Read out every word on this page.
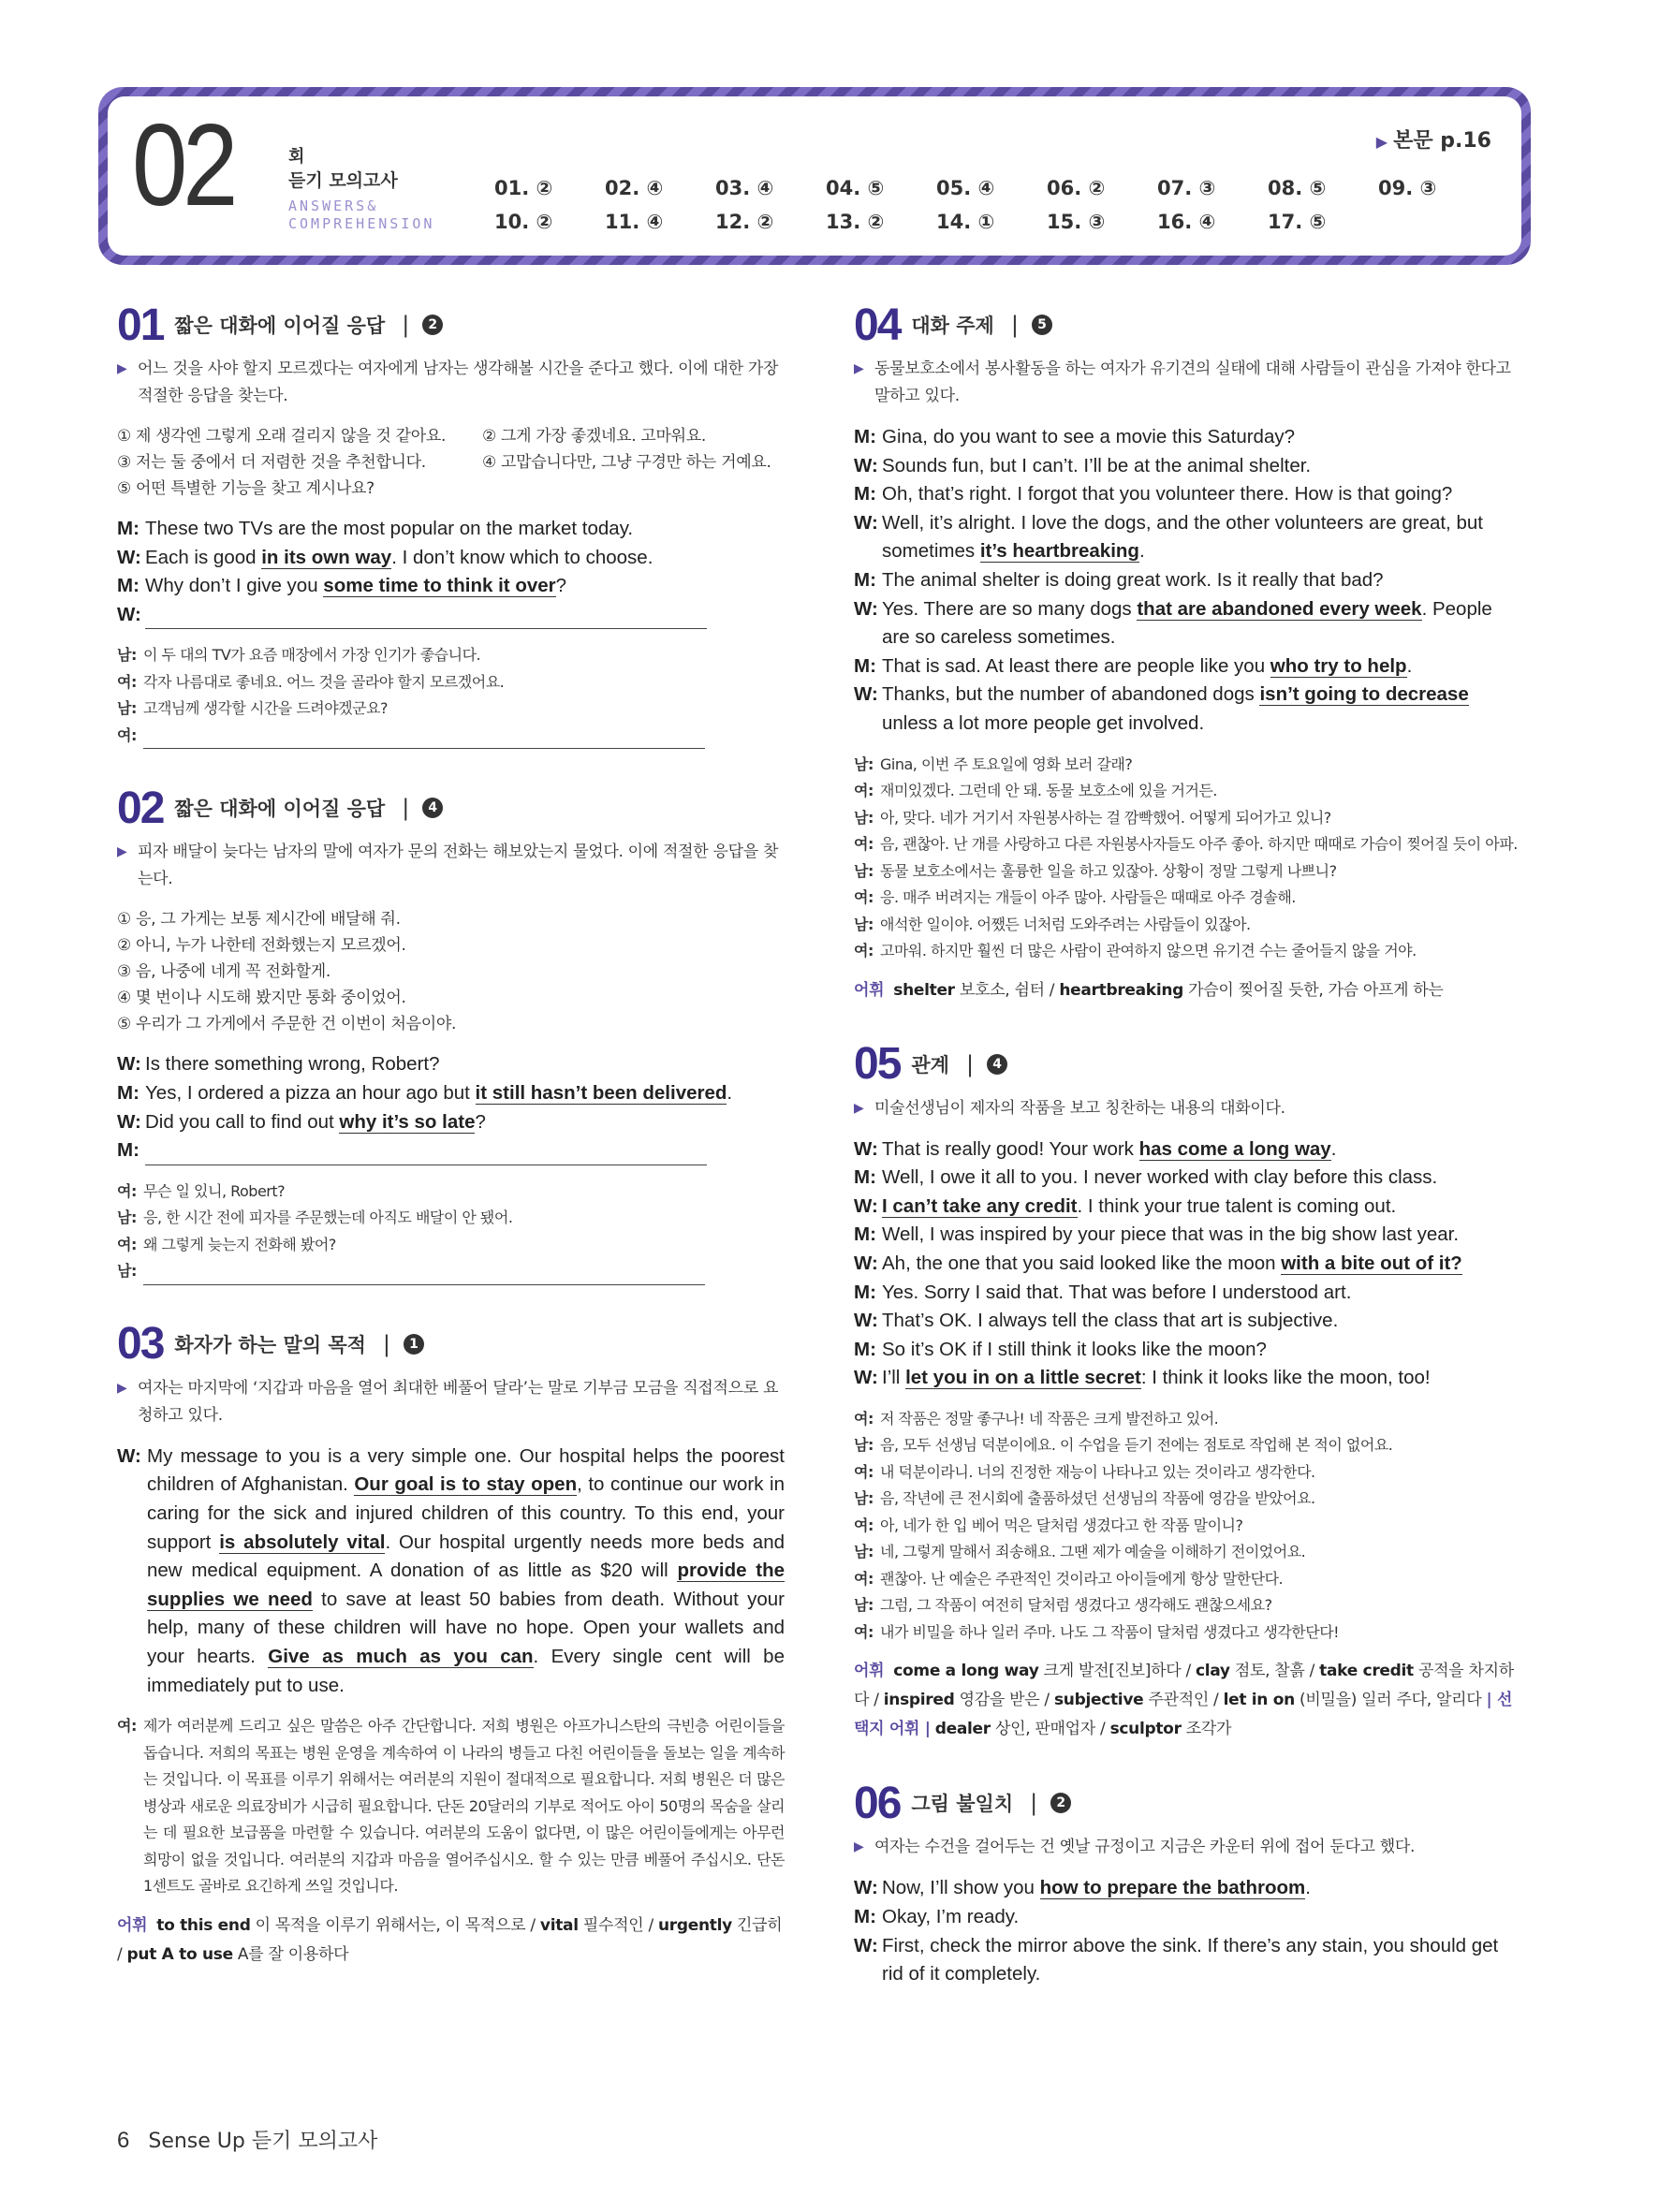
02	회
듣기 모의고사
ANSWERS& COMPREHENSION
▶ 본문 p.16
01. ②	02. ④	03. ④	04. ⑤	05. ④	06. ②	07. ③	08. ⑤	09. ③
10. ②	11. ④	12. ②	13. ②	14. ①	15. ③	16. ④	17. ⑤
01 짧은 대화에 이어질 응답 |	2
▶ 어느 것을 사야 할지 모르겠다는 여자에게 남자는 생각해볼 시간을 준다고 했다. 이에 대한 가장 적절한 응답을 찾는다.
① 제 생각엔 그렇게 오래 걸리지 않을 것 같아요.	② 그게 가장 좋겠네요. 고마워요.
③ 저는 둘 중에서 더 저렴한 것을 추천합니다.	④ 고맙습니다만, 그냥 구경만 하는 거예요.
⑤ 어떤 특별한 기능을 찾고 계시나요?
M: These two TVs are the most popular on the market today.
W: Each is good in its own way. I don’t know which to choose.
M: Why don’t I give you some time to think it over?
W:
남: 이 두 대의 TV가 요즘 매장에서 가장 인기가 좋습니다.
여: 각자 나름대로 좋네요. 어느 것을 골라야 할지 모르겠어요.
남: 고객님께 생각할 시간을 드려야겠군요?
여:
02 짧은 대화에 이어질 응답 |	4
▶ 피자 배달이 늦다는 남자의 말에 여자가 문의 전화는 해보았는지 물었다. 이에 적절한 응답을 찾는다.
① 응, 그 가게는 보통 제시간에 배달해 줘.
② 아니, 누가 나한테 전화했는지 모르겠어.
③ 음, 나중에 네게 꼭 전화할게.
④ 몇 번이나 시도해 봤지만 통화 중이었어.
⑤ 우리가 그 가게에서 주문한 건 이번이 처음이야.
W: Is there something wrong, Robert?
M: Yes, I ordered a pizza an hour ago but it still hasn’t been delivered.
W: Did you call to find out why it’s so late?
M:
여: 무슨 일 있니, Robert?
남: 응, 한 시간 전에 피자를 주문했는데 아직도 배달이 안 됐어.
여: 왜 그렇게 늦는지 전화해 봤어?
남:
03 화자가 하는 말의 목적 |	1
▶ 여자는 마지막에 ‘지갑과 마음을 열어 최대한 베풀어 달라’는 말로 기부금 모금을 직접적으로 요청하고 있다.
W: My message to you is a very simple one. Our hospital helps the poorest children of Afghanistan. Our goal is to stay open, to continue our work in caring for the sick and injured children of this country. To this end, your support is absolutely vital. Our hospital urgently needs more beds and new medical equipment. A donation of as little as $20 will provide the supplies we need to save at least 50 babies from death. Without your help, many of these children will have no hope. Open your wallets and your hearts. Give as much as you can. Every single cent will be immediately put to use.
여: 제가 여러분께 드리고 싶은 말씀은 아주 간단합니다. 저희 병원은 아프가니스탄의 극빈층 어린이들을 돕습니다. 저희의 목표는 병원 운영을 계속하여 이 나라의 병들고 다친 어린이들을 돌보는 일을 계속하는 것입니다. 이 목표를 이루기 위해서는 여러분의 지원이 절대적으로 필요합니다. 저희 병원은 더 많은 병상과 새로운 의료장비가 시급히 필요합니다. 단돈 20달러의 기부로 적어도 아이 50명의 목숨을 살리는 데 필요한 보급품을 마련할 수 있습니다. 여러분의 도움이 없다면, 이 많은 어린이들에게는 아무런 희망이 없을 것입니다. 여러분의 지갑과 마음을 열어주십시오. 할 수 있는 만큼 베풀어 주십시오. 단돈 1센트도 골바로 요긴하게 쓰일 것입니다.
어휘 to this end 이 목적을 이루기 위해서는, 이 목적으로 / vital 필수적인 / urgently 긴급히 / put A to use A를 잘 이용하다
04 대화 주제 |	5
▶ 동물보호소에서 봉사활동을 하는 여자가 유기견의 실태에 대해 사람들이 관심을 가져야 한다고 말하고 있다.
M: Gina, do you want to see a movie this Saturday?
W: Sounds fun, but I can’t. I’ll be at the animal shelter.
M: Oh, that’s right. I forgot that you volunteer there. How is that going?
W: Well, it’s alright. I love the dogs, and the other volunteers are great, but sometimes it’s heartbreaking.
M: The animal shelter is doing great work. Is it really that bad?
W: Yes. There are so many dogs that are abandoned every week. People are so careless sometimes.
M: That is sad. At least there are people like you who try to help.
W: Thanks, but the number of abandoned dogs isn’t going to decrease unless a lot more people get involved.
남: Gina, 이번 주 토요일에 영화 보러 갈래?
여: 재미있겠다. 그런데 안 돼. 동물 보호소에 있을 거거든.
남: 아, 맞다. 네가 거기서 자원봉사하는 걸 깜빡했어. 어떻게 되어가고 있니?
여: 음, 괜찮아. 난 개를 사랑하고 다른 자원봉사자들도 아주 좋아. 하지만 때때로 가슴이 찢어질 듯이 아파.
남: 동물 보호소에서는 훌륭한 일을 하고 있잖아. 상황이 정말 그렇게 나쁘니?
여: 응. 매주 버려지는 개들이 아주 많아. 사람들은 때때로 아주 경솔해.
남: 애석한 일이야. 어쨌든 너처럼 도와주려는 사람들이 있잖아.
여: 고마워. 하지만 훨씬 더 많은 사람이 관여하지 않으면 유기견 수는 줄어들지 않을 거야.
어휘 shelter 보호소, 쉼터 / heartbreaking 가슴이 찢어질 듯한, 가슴 아프게 하는
05 관계 |	4
▶ 미술선생님이 제자의 작품을 보고 칭찬하는 내용의 대화이다.
W: That is really good! Your work has come a long way.
M: Well, I owe it all to you. I never worked with clay before this class.
W: I can’t take any credit. I think your true talent is coming out.
M: Well, I was inspired by your piece that was in the big show last year.
W: Ah, the one that you said looked like the moon with a bite out of it?
M: Yes. Sorry I said that. That was before I understood art.
W: That’s OK. I always tell the class that art is subjective.
M: So it’s OK if I still think it looks like the moon?
W: I’ll let you in on a little secret: I think it looks like the moon, too!
여: 저 작품은 정말 좋구나! 네 작품은 크게 발전하고 있어.
남: 음, 모두 선생님 덕분이에요. 이 수업을 듣기 전에는 점토로 작업해 본 적이 없어요.
여: 내 덕분이라니. 너의 진정한 재능이 나타나고 있는 것이라고 생각한다.
남: 음, 작년에 큰 전시회에 출품하셨던 선생님의 작품에 영감을 받았어요.
여: 아, 네가 한 입 베어 먹은 달처럼 생겼다고 한 작품 말이니?
남: 네, 그렇게 말해서 죄송해요. 그땐 제가 예술을 이해하기 전이었어요.
여: 괜찮아. 난 예술은 주관적인 것이라고 아이들에게 항상 말한단다.
남: 그럼, 그 작품이 여전히 달처럼 생겼다고 생각해도 괜찮으세요?
여: 내가 비밀을 하나 일러 주마. 나도 그 작품이 달처럼 생겼다고 생각한단다!
어휘 come a long way 크게 발전[진보]하다 / clay 점토, 찰흙 / take credit 공적을 차지하다 / inspired 영감을 받은 / subjective 주관적인 / let in on (비밀을) 일러 주다, 알리다 | 선택지 어휘 | dealer 상인, 판매업자 / sculptor 조각가
06 그림 불일치 |	2
▶ 여자는 수건을 걸어두는 건 옛날 규정이고 지금은 카운터 위에 접어 둔다고 했다.
W: Now, I’ll show you how to prepare the bathroom.
M: Okay, I’m ready.
W: First, check the mirror above the sink. If there’s any stain, you should get rid of it completely.
6 Sense Up 듣기 모의고사
